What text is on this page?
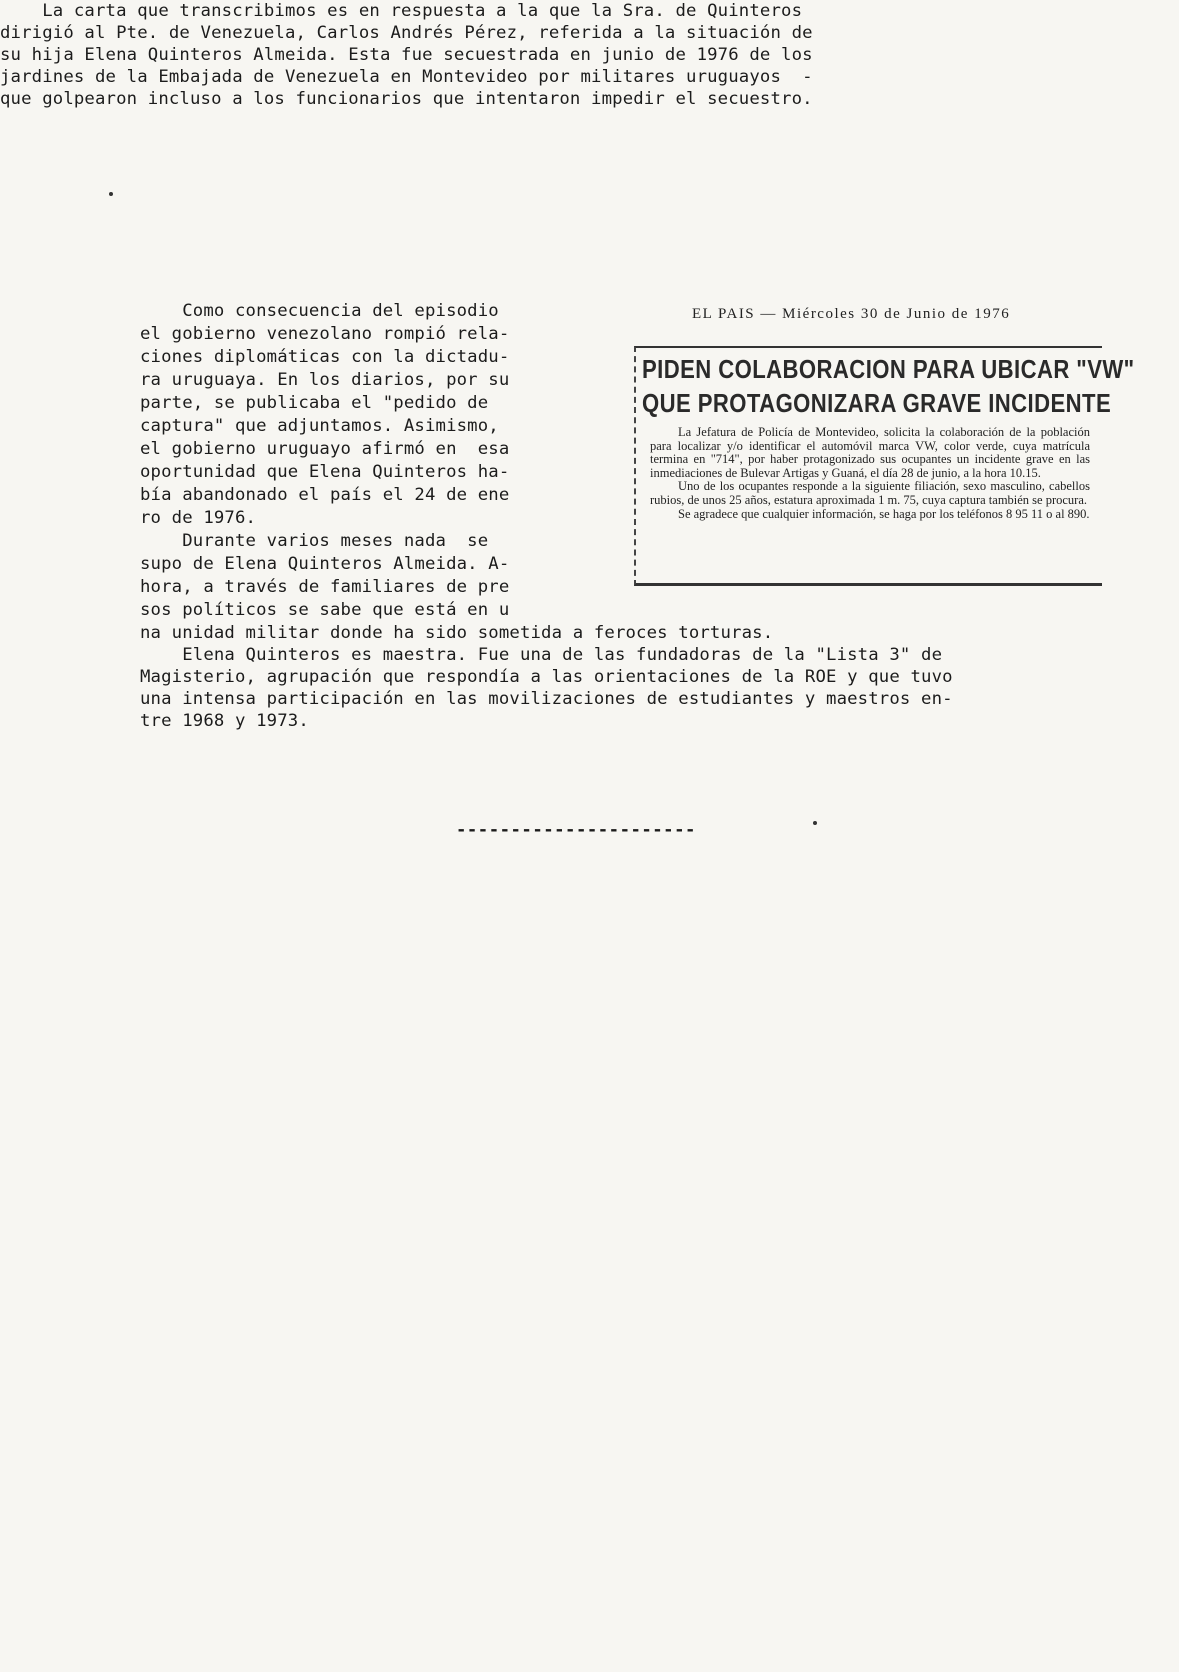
La carta que transcribimos es en respuesta a la que la Sra. de Quinteros
dirigió al Pte. de Venezuela, Carlos Andrés Pérez, referida a la situación de
su hija Elena Quinteros Almeida. Esta fue secuestrada en junio de 1976 de los
jardines de la Embajada de Venezuela en Montevideo por militares uruguayos  -
que golpearon incluso a los funcionarios que intentaron impedir el secuestro.
Como consecuencia del episodio
el gobierno venezolano rompió rela-
ciones diplomáticas con la dictadu-
ra uruguaya. En los diarios, por su
parte, se publicaba el "pedido de
captura" que adjuntamos. Asimismo,
el gobierno uruguayo afirmó en  esa
oportunidad que Elena Quinteros ha-
bía abandonado el país el 24 de ene
ro de 1976.
Durante varios meses nada  se
supo de Elena Quinteros Almeida. A-
hora, a través de familiares de pre
sos políticos se sabe que está en u
EL PAIS — Miércoles 30 de Junio de 1976
PIDEN COLABORACION PARA UBICAR "VW"
QUE PROTAGONIZARA GRAVE INCIDENTE

La Jefatura de Policía de Montevideo, solicita la colaboración de la población para localizar y/o identificar el automóvil marca VW, color verde, cuya matrícula termina en "714", por haber protagonizado sus ocupantes un incidente grave en las inmediaciones de Bulevar Artigas y Guaná, el día 28 de junio, a la hora 10.15.

Uno de los ocupantes responde a la siguiente filiación, sexo masculino, cabellos rubios, de unos 25 años, estatura aproximada 1 m. 75, cuya captura también se procura.

Se agradece que cualquier información, se haga por los teléfonos 8 95 11 o al 890.

na unidad militar donde ha sido sometida a feroces torturas.
Elena Quinteros es maestra. Fue una de las fundadoras de la "Lista 3" de
Magisterio, agrupación que respondía a las orientaciones de la ROE y que tuvo
una intensa participación en las movilizaciones de estudiantes y maestros en-
tre 1968 y 1973.
----------------------
